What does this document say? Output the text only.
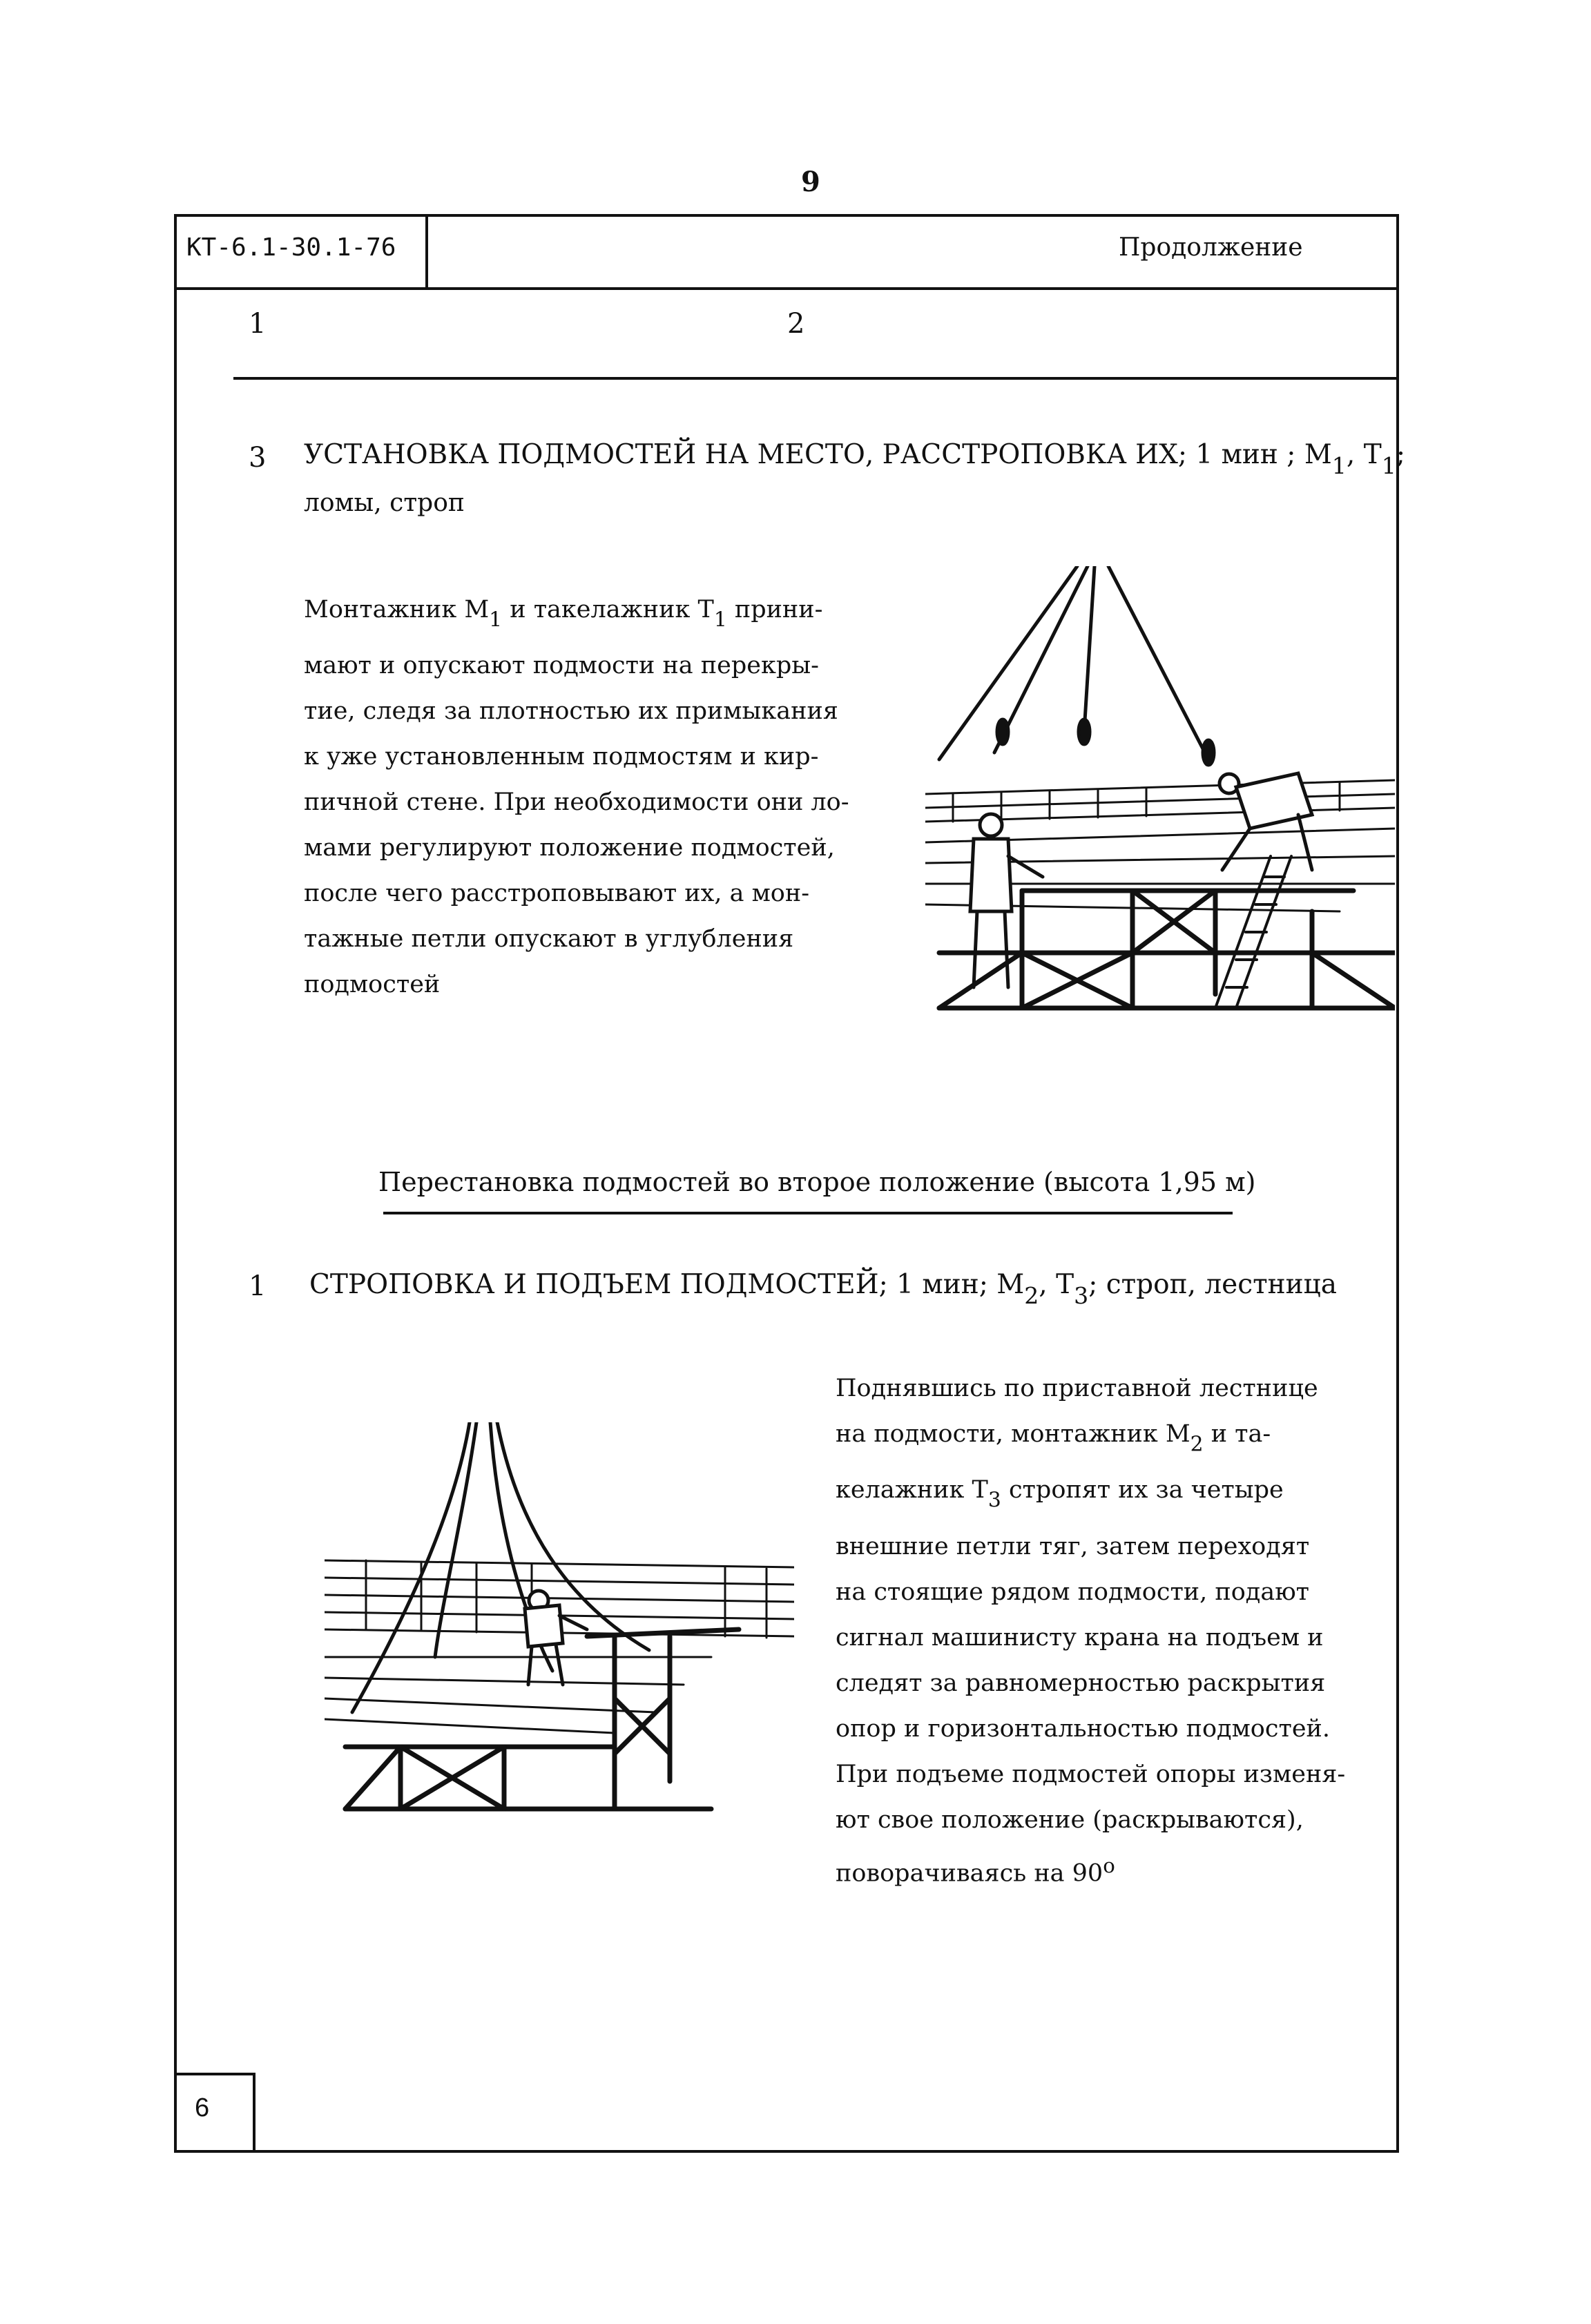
9
КТ-6.1-30.1-76	Продолжение
1	2
3 УСТАНОВКА ПОДМОСТЕЙ НА МЕСТО, РАССТРОПОВКА ИХ; 1 мин ; $М_1$, $Т_1$;
ломы, строп
Монтажник $М_1$ и такелажник $Т_1$ прини-
мают и опускают подмости на перекры-
тие, следя за плотностью их примыкания
к уже установленным подмостям и кир-
пичной стене. При необходимости они ло-
мами регулируют положение подмостей,
после чего расстроповывают их, а мон-
тажные петли опускают в углубления
подмостей
Перестановка подмостей во второе положение (высота 1,95 м)
1 СТРОПОВКА И ПОДЪЕМ ПОДМОСТЕЙ; 1 мин; $М_2$, $Т_3$; строп, лестница
Поднявшись по приставной лестнице
на подмости, монтажник $М_2$ и та-
келажник $Т_3$ стропят их за четыре
внешние петли тяг, затем переходят
на стоящие рядом подмости, подают
сигнал машинисту крана на подъем и
следят за равномерностью раскрытия
опор и горизонтальностью подмостей.
При подъеме подмостей опоры изменя-
ют свое положение (раскрываются),
поворачиваясь на $90^о$
6
